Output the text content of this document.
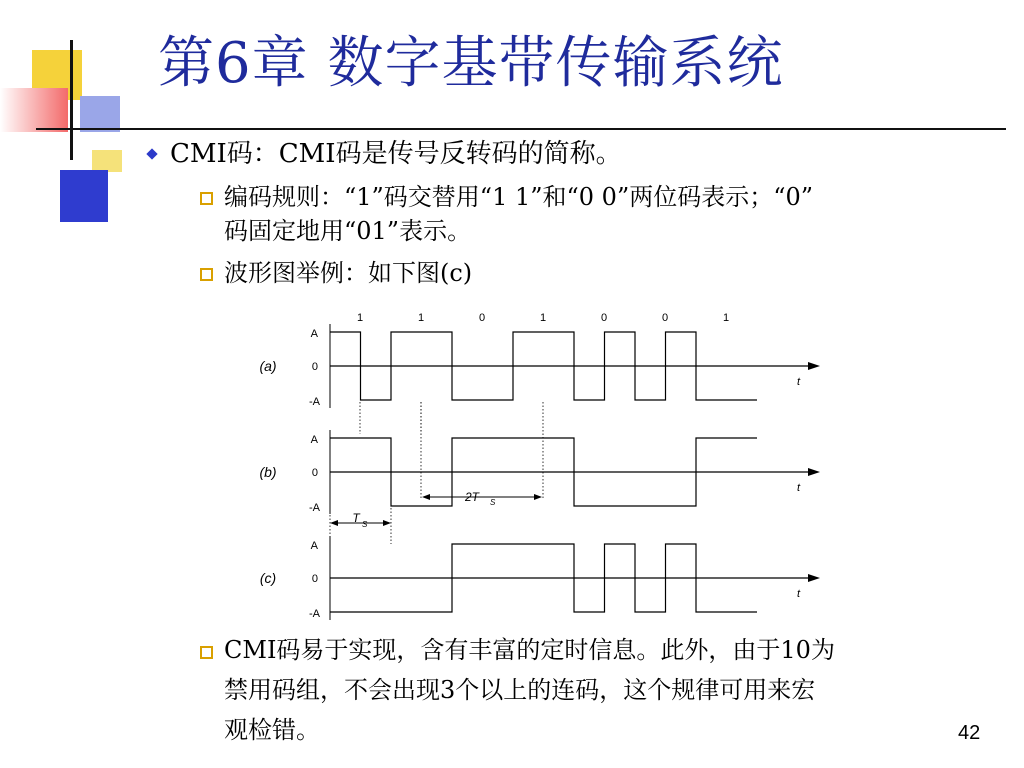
第6章 数字基带传输系统
CMI码：CMI码是传号反转码的简称。
编码规则：“1”码交替用“1 1”和“0 0”两位码表示；“0”
码固定地用“01”表示。
波形图举例：如下图(c)
1	1	0	1	0	0	1
t
A
0
-A
(a)
t
A
0
-A
(b)
t
A
0
-A
(c)
2T S
T S
CMI码易于实现，含有丰富的定时信息。此外，由于10为
禁用码组，不会出现3个以上的连码，这个规律可用来宏
观检错。	42
